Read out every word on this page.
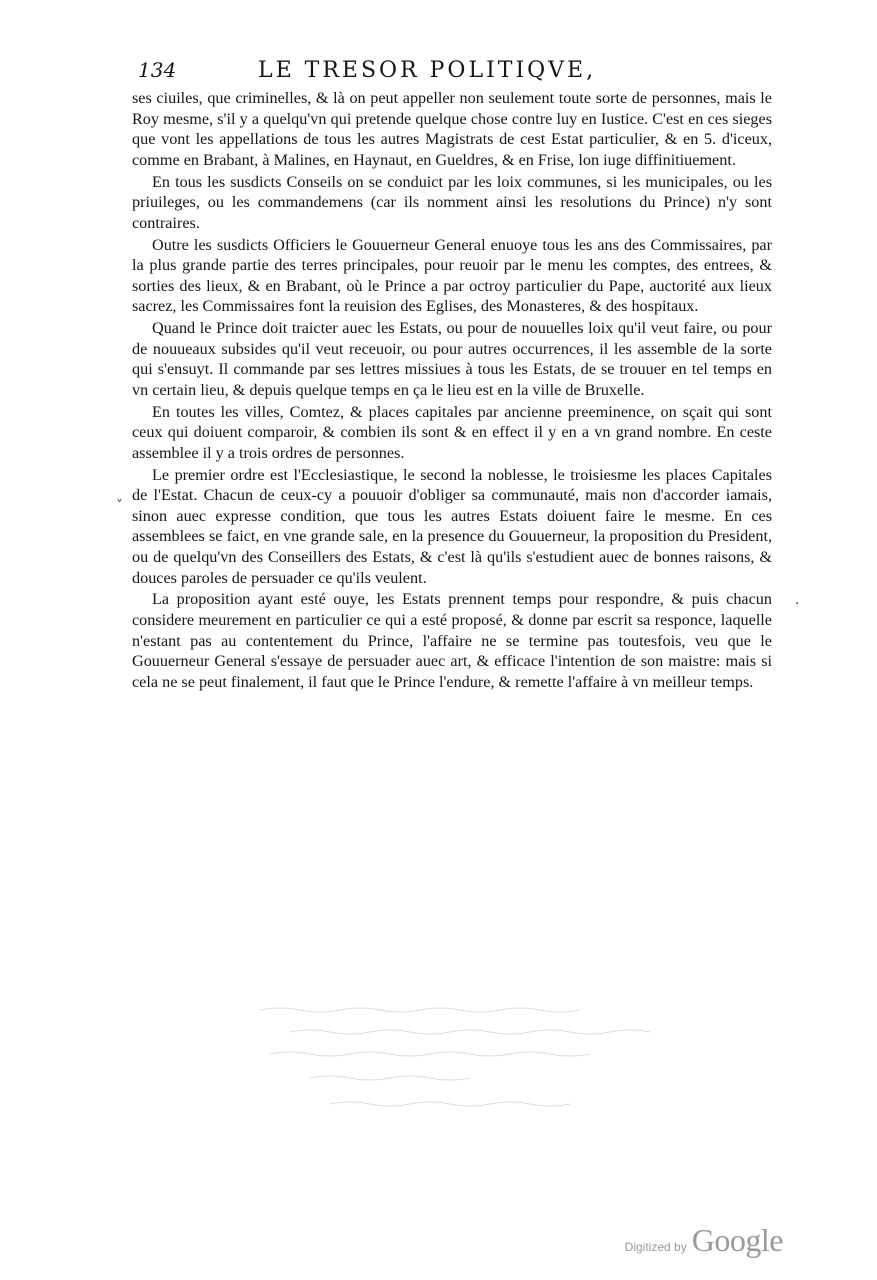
134	LE TRESOR POLITIQVE,

ses ciuiles, que criminelles, & là on peut appeller non seulement toute sorte de personnes, mais le Roy mesme, s'il y a quelqu'vn qui pretende quelque chose contre luy en Iustice. C'est en ces sieges que vont les appellations de tous les autres Magistrats de cest Estat particulier, & en 5. d'iceux, comme en Brabant, à Malines, en Haynaut, en Gueldres, & en Frise, lon iuge diffinitiuement.

En tous les susdicts Conseils on se conduict par les loix communes, si les municipales, ou les priuileges, ou les commandemens (car ils nomment ainsi les resolutions du Prince) n'y sont contraires.

Outre les susdicts Officiers le Gouuerneur General enuoye tous les ans des Commissaires, par la plus grande partie des terres principales, pour reuoir par le menu les comptes, des entrees, & sorties des lieux, & en Brabant, où le Prince a par octroy particulier du Pape, auctorité aux lieux sacrez, les Commissaires font la reuision des Eglises, des Monasteres, & des hospitaux.

Quand le Prince doit traicter auec les Estats, ou pour de nouuelles loix qu'il veut faire, ou pour de nouueaux subsides qu'il veut receuoir, ou pour autres occurrences, il les assemble de la sorte qui s'ensuyt. Il commande par ses lettres missiues à tous les Estats, de se trouuer en tel temps en vn certain lieu, & depuis quelque temps en ça le lieu est en la ville de Bruxelle.

En toutes les villes, Comtez, & places capitales par ancienne preeminence, on sçait qui sont ceux qui doiuent comparoir, & combien ils sont & en effect il y en a vn grand nombre. En ceste assemblee il y a trois ordres de personnes.

Le premier ordre est l'Ecclesiastique, le second la noblesse, le troisiesme les places Capitales de l'Estat. Chacun de ceux-cy a pouuoir d'obliger sa communauté, mais non d'accorder iamais, sinon auec expresse condition, que tous les autres Estats doiuent faire le mesme. En ces assemblees se faict, en vne grande sale, en la presence du Gouuerneur, la proposition du President, ou de quelqu'vn des Conseillers des Estats, & c'est là qu'ils s'estudient auec de bonnes raisons, & douces paroles de persuader ce qu'ils veulent.

La proposition ayant esté ouye, les Estats prennent temps pour respondre, & puis chacun considere meurement en particulier ce qui a esté proposé, & donne par escrit sa responce, laquelle n'estant pas au contentement du Prince, l'affaire ne se termine pas toutesfois, veu que le Gouuerneur General s'essaye de persuader auec art, & efficace l'intention de son maistre: mais si cela ne se peut finalement, il faut que le Prince l'endure, & remette l'affaire à vn meilleur temps.

ˬ
·
Digitized by Google
